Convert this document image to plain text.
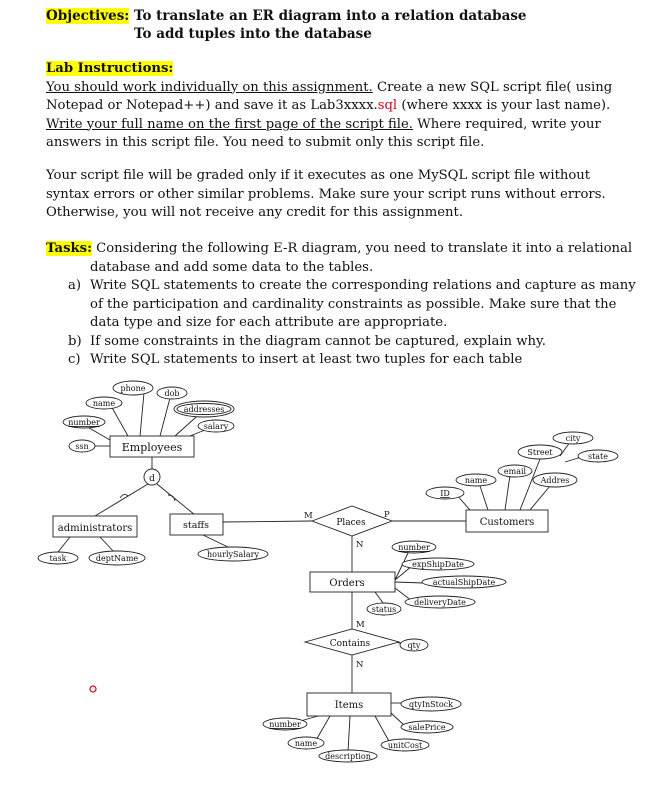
Objectives: To translate an ER diagram into a relation database
To add tuples into the database

Lab Instructions:

You should work individually on this assignment. Create a new SQL script file( using Notepad or Notepad++) and save it as Lab3xxxx.sql (where xxxx is your last name). Write your full name on the first page of the script file. Where required, write your answers in this script file. You need to submit only this script file.

Your script file will be graded only if it executes as one MySQL script file without syntax errors or other similar problems. Make sure your script runs without errors. Otherwise, you will not receive any credit for this assignment.

Tasks: Considering the following E-R diagram, you need to translate it into a relational

database and add some data to the tables.

a) Write SQL statements to create the corresponding relations and capture as many of the participation and cardinality constraints as possible. Make sure that the data type and size for each attribute are appropriate.
b) If some constraints in the diagram cannot be captured, explain why.
c) Write SQL statements to insert at least two tuples for each table
Employees
administrators	staffs	Customers
Orders
Items
Places
Contains
d
M	P
N
M
N
phone
dob
name
addresses
salary
number
ssn
task	deptName	hourlySalary
city
Street	state
email
name	Addres
ID
number
expShipDate
actualShipDate
deliveryDate
status
qty
qtyInStock
salePrice
unitCost
number
name
description
